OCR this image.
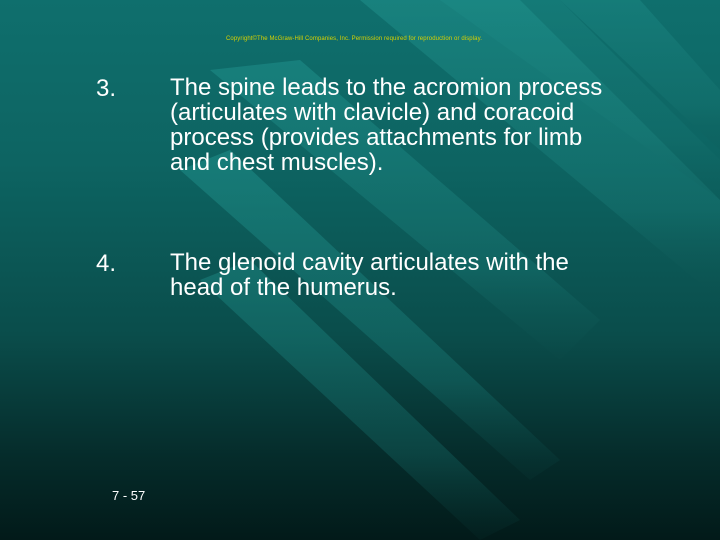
Copyright©The McGraw-Hill Companies, Inc. Permission required for reproduction or display.
3. The spine leads to the acromion process (articulates with clavicle) and coracoid process (provides attachments for limb and chest muscles).

4. The glenoid cavity articulates with the head of the humerus.

7 - 57
